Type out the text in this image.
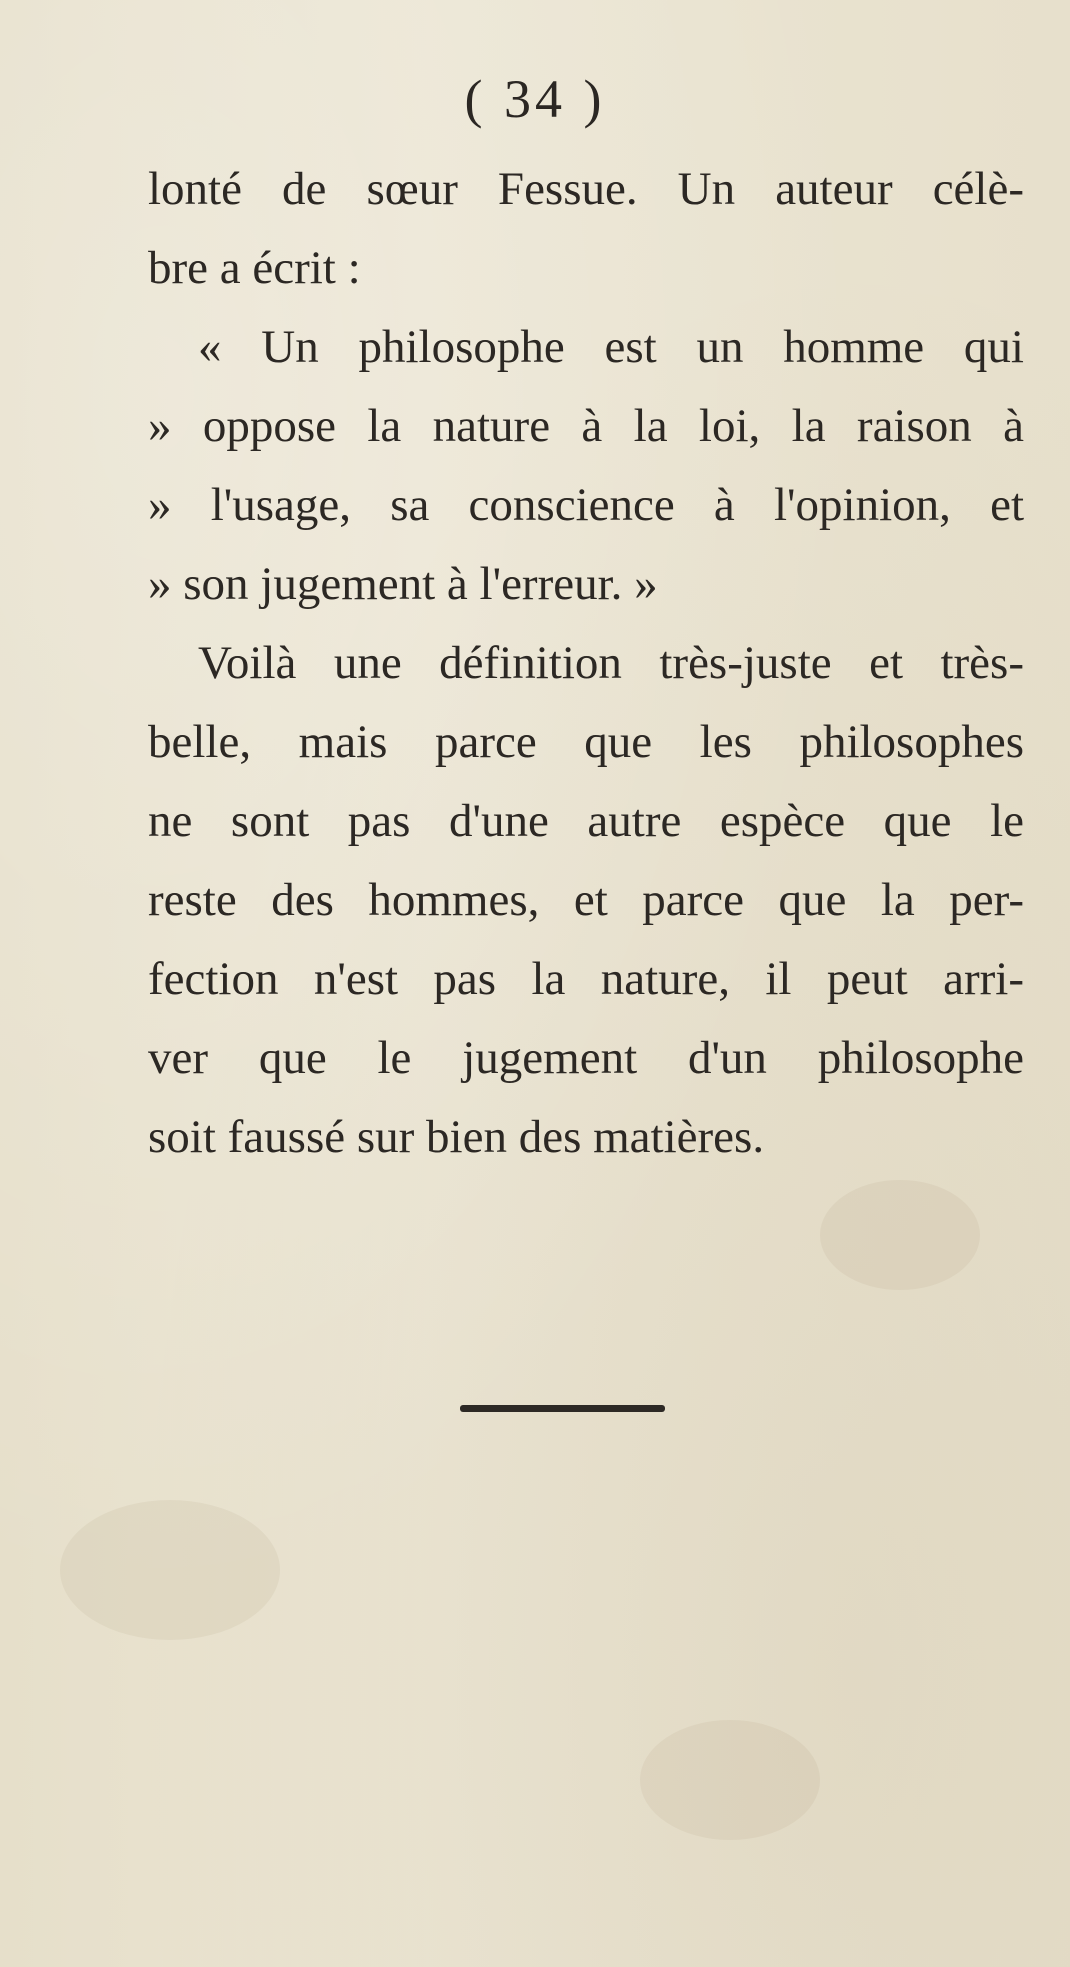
( 34 )
lonté de sœur Fessue. Un auteur célè-
bre a écrit :
« Un philosophe est un homme qui
» oppose la nature à la loi, la raison à
» l'usage, sa conscience à l'opinion, et
» son jugement à l'erreur. »
Voilà une définition très-juste et très-
belle, mais parce que les philosophes
ne sont pas d'une autre espèce que le
reste des hommes, et parce que la per-
fection n'est pas la nature, il peut arri-
ver que le jugement d'un philosophe
soit faussé sur bien des matières.
